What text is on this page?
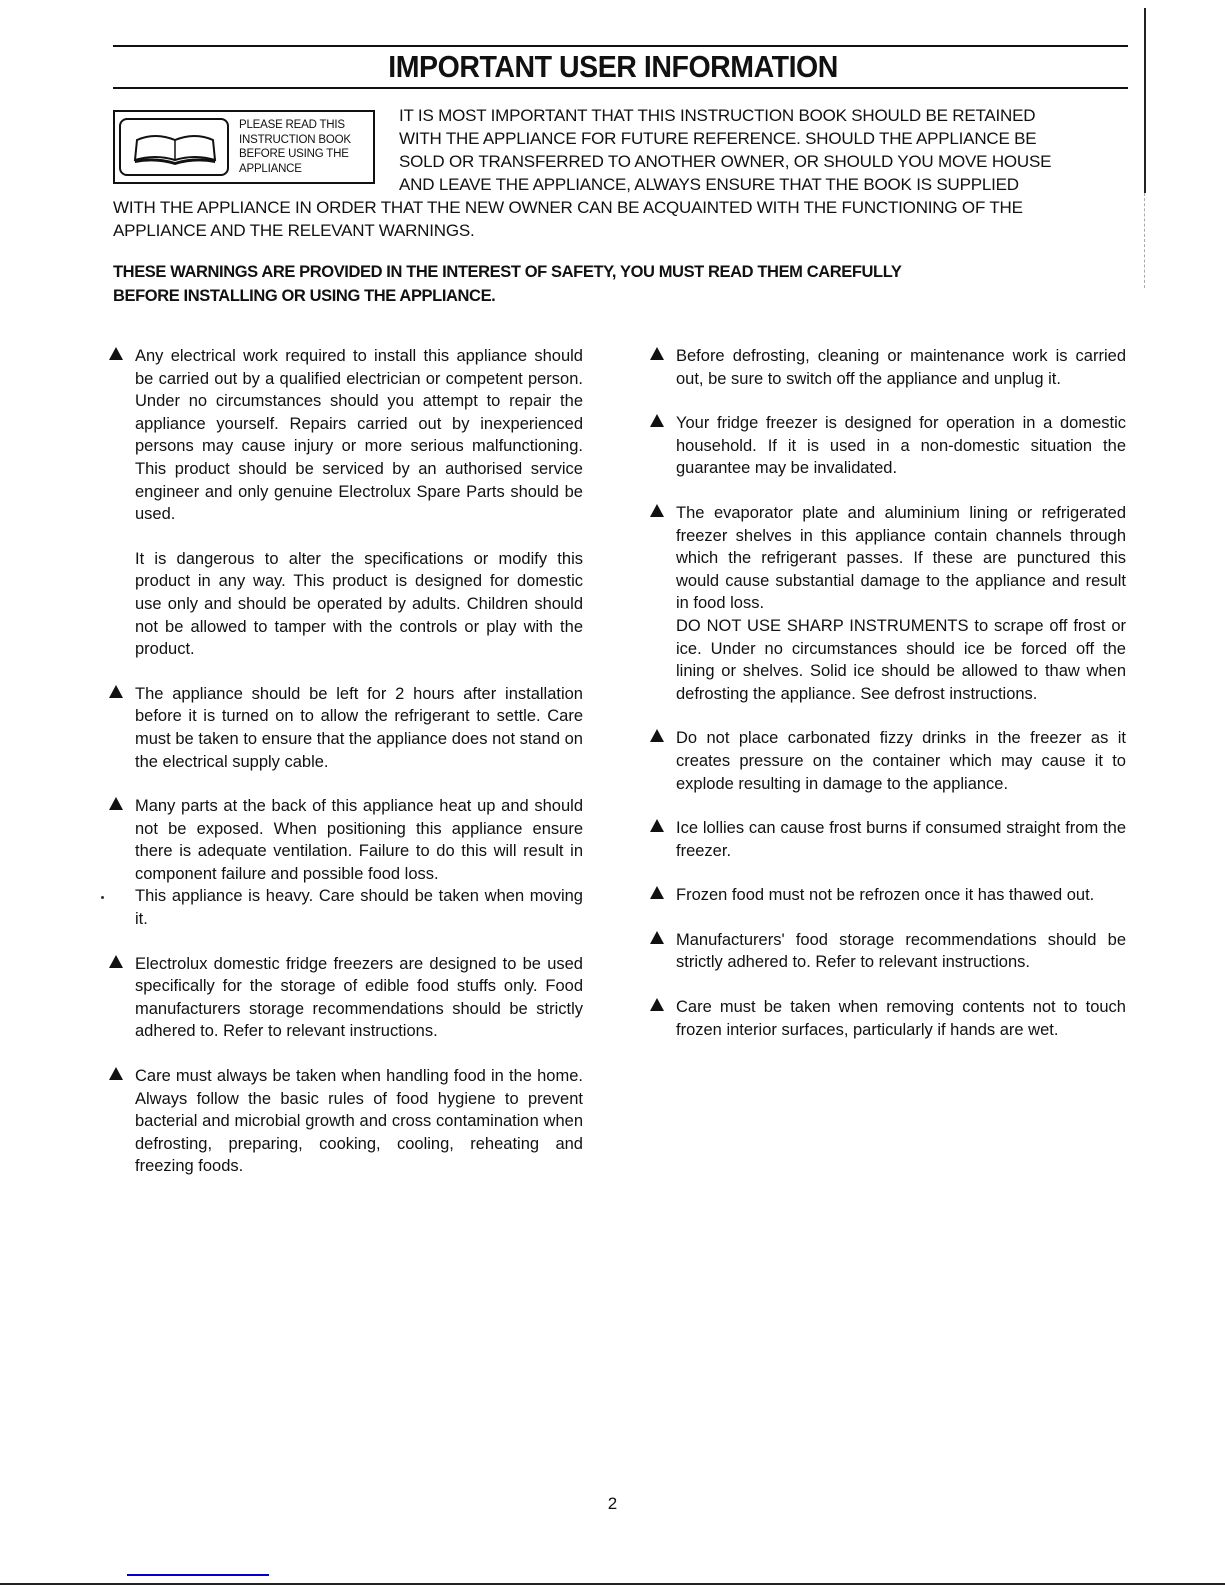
IMPORTANT USER INFORMATION
PLEASE READ THIS
INSTRUCTION BOOK
BEFORE USING THE
APPLIANCE
IT IS MOST IMPORTANT THAT THIS INSTRUCTION BOOK SHOULD BE RETAINED
WITH THE APPLIANCE FOR FUTURE REFERENCE. SHOULD THE APPLIANCE BE
SOLD OR TRANSFERRED TO ANOTHER OWNER, OR SHOULD YOU MOVE HOUSE
AND LEAVE THE APPLIANCE, ALWAYS ENSURE THAT THE BOOK IS SUPPLIED
WITH THE APPLIANCE IN ORDER THAT THE NEW OWNER CAN BE ACQUAINTED WITH THE FUNCTIONING OF THE
APPLIANCE AND THE RELEVANT WARNINGS.
THESE WARNINGS ARE PROVIDED IN THE INTEREST OF SAFETY, YOU MUST READ THEM CAREFULLY
BEFORE INSTALLING OR USING THE APPLIANCE.

Any electrical work required to install this appliance should be carried out by a qualified electrician or competent person. Under no circumstances should you attempt to repair the appliance yourself. Repairs carried out by inexperienced persons may cause injury or more serious malfunctioning. This product should be serviced by an authorised service engineer and only genuine Electrolux Spare Parts should be used.

It is dangerous to alter the specifications or modify this product in any way. This product is designed for domestic use only and should be operated by adults. Children should not be allowed to tamper with the controls or play with the product.

The appliance should be left for 2 hours after installation before it is turned on to allow the refrigerant to settle. Care must be taken to ensure that the appliance does not stand on the electrical supply cable.

Many parts at the back of this appliance heat up and should not be exposed. When positioning this appliance ensure there is adequate ventilation. Failure to do this will result in component failure and possible food loss.

This appliance is heavy. Care should be taken when moving it.

Electrolux domestic fridge freezers are designed to be used specifically for the storage of edible food stuffs only. Food manufacturers storage recommendations should be strictly adhered to. Refer to relevant instructions.

Care must always be taken when handling food in the home. Always follow the basic rules of food hygiene to prevent bacterial and microbial growth and cross contamination when defrosting, preparing, cooking, cooling, reheating and freezing foods.

Before defrosting, cleaning or maintenance work is carried out, be sure to switch off the appliance and unplug it.

Your fridge freezer is designed for operation in a domestic household. If it is used in a non-domestic situation the guarantee may be invalidated.

The evaporator plate and aluminium lining or refrigerated freezer shelves in this appliance contain channels through which the refrigerant passes. If these are punctured this would cause substantial damage to the appliance and result in food loss.

DO NOT USE SHARP INSTRUMENTS to scrape off frost or ice. Under no circumstances should ice be forced off the lining or shelves. Solid ice should be allowed to thaw when defrosting the appliance. See defrost instructions.

Do not place carbonated fizzy drinks in the freezer as it creates pressure on the container which may cause it to explode resulting in damage to the appliance.

Ice lollies can cause frost burns if consumed straight from the freezer.

Frozen food must not be refrozen once it has thawed out.

Manufacturers' food storage recommendations should be strictly adhered to. Refer to relevant instructions.

Care must be taken when removing contents not to touch frozen interior surfaces, particularly if hands are wet.

2
